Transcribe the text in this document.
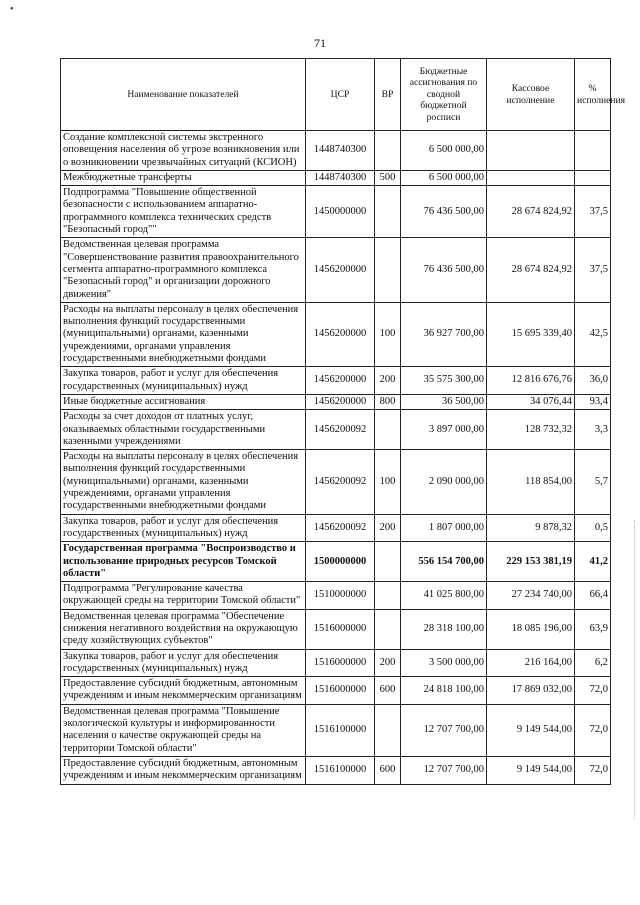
71
•
Наименование показателей	ЦСР	ВР	Бюджетные ассигнования по сводной бюджетной росписи	Кассовое исполнение	% исполнения
Создание комплексной системы экстренного оповещения населения об угрозе возникновения или о возникновении чрезвычайных ситуаций (КСИОН)	1448740300		6 500 000,00		
Межбюджетные трансферты	1448740300	500	6 500 000,00		
Подпрограмма "Повышение общественной безопасности с использованием аппаратно-программного комплекса технических средств "Безопасный город""	1450000000		76 436 500,00	28 674 824,92	37,5
Ведомственная целевая программа "Совершенствование развития правоохранительного сегмента аппаратно-программного комплекса "Безопасный город" и организации дорожного движения"	1456200000		76 436 500,00	28 674 824,92	37,5
Расходы на выплаты персоналу в целях обеспечения выполнения функций государственными (муниципальными) органами, казенными учреждениями, органами управления государственными внебюджетными фондами	1456200000	100	36 927 700,00	15 695 339,40	42,5
Закупка товаров, работ и услуг для обеспечения государственных (муниципальных) нужд	1456200000	200	35 575 300,00	12 816 676,76	36,0
Иные бюджетные ассигнования	1456200000	800	36 500,00	34 076,44	93,4
Расходы за счет доходов от платных услуг, оказываемых областными государственными казенными учреждениями	1456200092		3 897 000,00	128 732,32	3,3
Расходы на выплаты персоналу в целях обеспечения выполнения функций государственными (муниципальными) органами, казенными учреждениями, органами управления государственными внебюджетными фондами	1456200092	100	2 090 000,00	118 854,00	5,7
Закупка товаров, работ и услуг для обеспечения государственных (муниципальных) нужд	1456200092	200	1 807 000,00	9 878,32	0,5
Государственная программа "Воспроизводство и использование природных ресурсов Томской области"	1500000000		556 154 700,00	229 153 381,19	41,2
Подпрограмма "Регулирование качества окружающей среды на территории Томской области"	1510000000		41 025 800,00	27 234 740,00	66,4
Ведомственная целевая программа "Обеспечение снижения негативного воздействия на окружающую среду хозяйствующих субъектов"	1516000000		28 318 100,00	18 085 196,00	63,9
Закупка товаров, работ и услуг для обеспечения государственных (муниципальных) нужд	1516000000	200	3 500 000,00	216 164,00	6,2
Предоставление субсидий бюджетным, автономным учреждениям и иным некоммерческим организациям	1516000000	600	24 818 100,00	17 869 032,00	72,0
Ведомственная целевая программа "Повышение экологической культуры и информированности населения о качестве окружающей среды на территории Томской области"	1516100000		12 707 700,00	9 149 544,00	72,0
Предоставление субсидий бюджетным, автономным учреждениям и иным некоммерческим организациям	1516100000	600	12 707 700,00	9 149 544,00	72,0
